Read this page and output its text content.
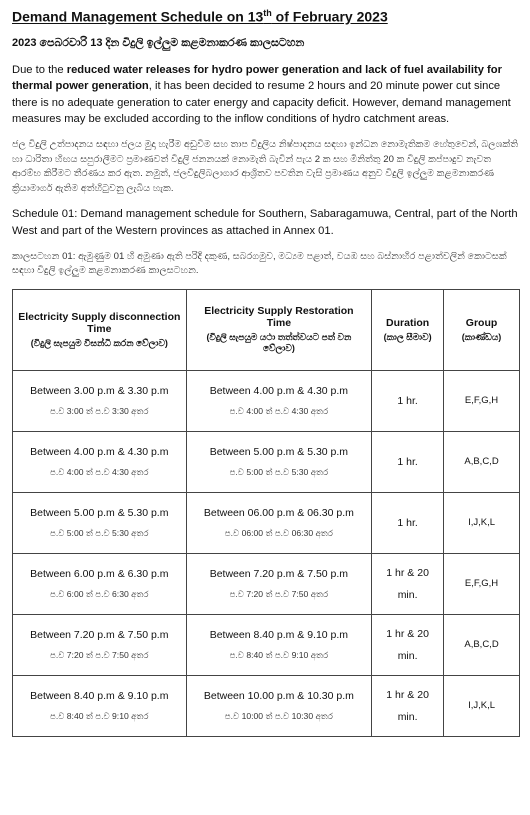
Demand Management Schedule on 13th of February 2023
2023 පෙබරවාරි 13 දින විදුලි ඉල්ලුම කළමනාකරණ කාලසටහන

Due to the reduced water releases for hydro power generation and lack of fuel availability for thermal power generation, it has been decided to resume 2 hours and 20 minute power cut since there is no adequate generation to cater energy and capacity deficit. However, demand management measures may be excluded according to the inflow conditions of hydro catchment areas.

ජල විදුලි උත්පාදනය සඳහා ජලය මුදා හැරීම අඩුවීම සහ තාප විදුලිය නිෂ්පාදනය සඳහා ඉන්ධන නොමැතිකම හේතුවෙන්, බලශක්ති හා ධාරිතා හිඟය සපුරාලීමට ප්‍රමාණවත් විදුලි ජනනයක් නොමැති බැවින් පැය 2 ක සහ මිනිත්තු 20 ක විදුලි කප්පාදුව නැවත ආරම්භ කිරීමට තීරණය කර ඇත. නමුත්, ජලවිදුලිබලාගාර ආශ්‍රිතව පවතින වැසි ප්‍රමාණය අනුව විදුලි ඉල්ලුම කළමනාකරණ ක්‍රියාමාර්ග ඇතිම අත්හිටුවනු ලැබිය හැක.

Schedule 01: Demand management schedule for Southern, Sabaragamuwa, Central, part of the North West and part of the Western provinces as attached in Annex 01.

කාලසටහන 01: ඇමුණුම 01 හි අමුණා ඇති පරිදි දකුණ, සබරගමුව, මධ්‍යම පළාත්, වයඹ සහ බස්නාහිර පළාත්වලින් කොටසක් සඳහා විදුලි ඉල්ලුම කළමනාකරණ කාලසටහන.

Electricity Supply disconnection Time
(විදුලි සැපයුම විසන්ධි කරන වේලාව)	Electricity Supply Restoration Time
(විදුලි සැපයුම යථා තත්ත්වයට පත් වන වේලාව)	Duration
(කාල සීමාව)	Group
(කාණ්ඩය)

Between 3.00 p.m & 3.30 p.m
ප.ව 3:00 ත් ප.ව 3:30 අතර	Between 4.00 p.m & 4.30 p.m
ප.ව 4:00 ත් ප.ව 4:30 අතර	1 hr.	E,F,G,H

Between 4.00 p.m & 4.30 p.m
ප.ව 4:00 ත් ප.ව 4:30 අතර	Between 5.00 p.m & 5.30 p.m
ප.ව 5:00 ත් ප.ව 5:30 අතර	1 hr.	A,B,C,D

Between 5.00 p.m & 5.30 p.m
ප.ව 5:00 ත් ප.ව 5:30 අතර	Between 06.00 p.m & 06.30 p.m
ප.ව 06:00 ත් ප.ව 06:30 අතර	1 hr.	I,J,K,L

Between 6.00 p.m & 6.30 p.m
ප.ව 6:00 ත් ප.ව 6:30 අතර	Between 7.20 p.m & 7.50 p.m
ප.ව 7:20 ත් ප.ව 7:50 අතර	1 hr & 20
min.	E,F,G,H

Between 7.20 p.m & 7.50 p.m
ප.ව 7:20 ත් ප.ව 7:50 අතර	Between 8.40 p.m & 9.10 p.m
ප.ව 8:40 ත් ප.ව 9:10 අතර	1 hr & 20
min.	A,B,C,D

Between 8.40 p.m & 9.10 p.m
ප.ව 8:40 ත් ප.ව 9:10 අතර	Between 10.00 p.m & 10.30 p.m
ප.ව 10:00 ත් ප.ව 10:30 අතර	1 hr & 20
min.	I,J,K,L
